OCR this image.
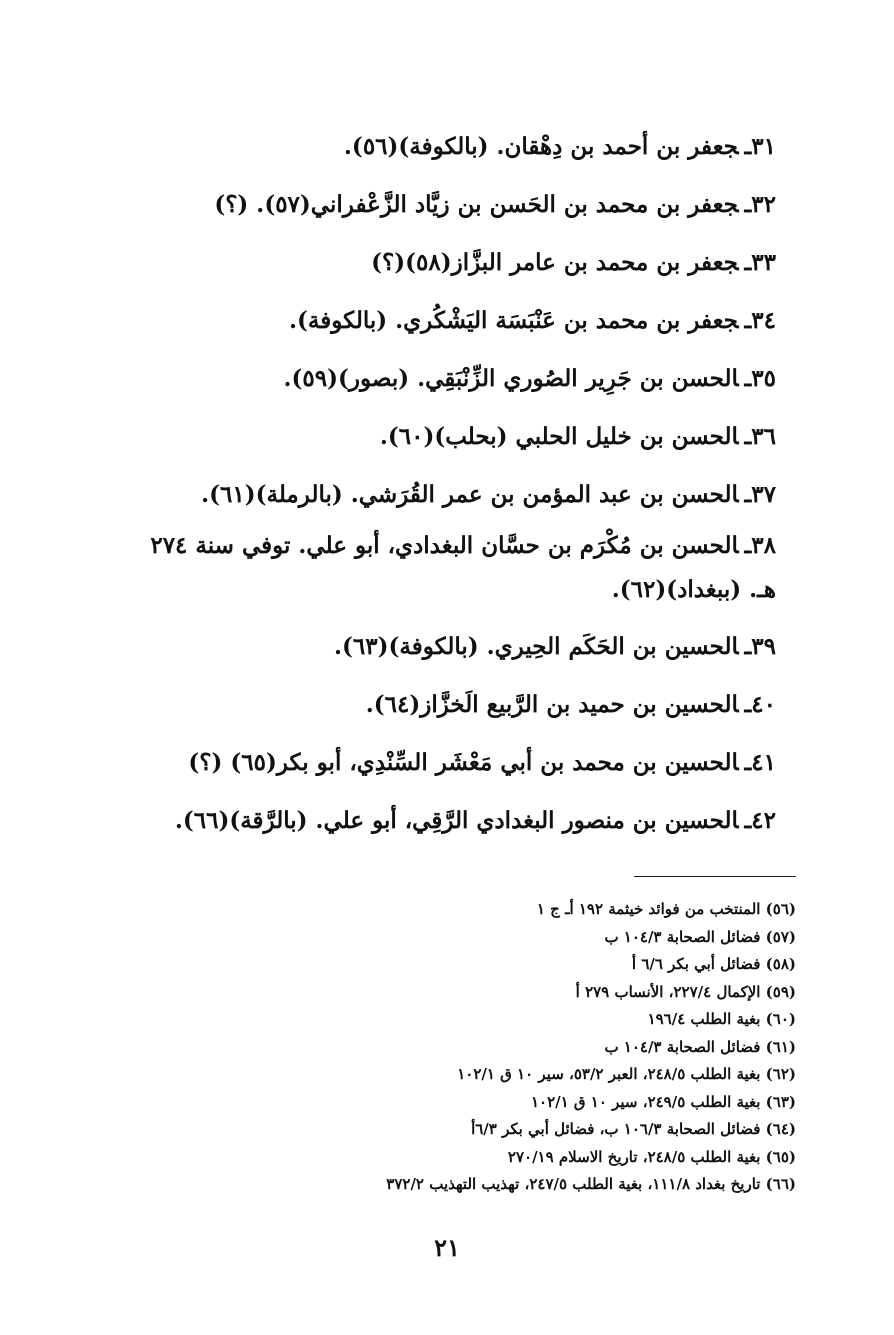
٣١ـجعفر بن أحمد بن دِهْقان. (بالكوفة)(٥٦).
٣٢ـجعفر بن محمد بن الحَسن بن زيَّاد الزَّعْفراني(٥٧). (؟)
٣٣ـجعفر بن محمد بن عامر البزَّاز(٥٨)(؟)
٣٤ـجعفر بن محمد بن عَنْبَسَة اليَشْكُري. (بالكوفة).
٣٥ـالحسن بن جَرِير الصُوري الزِّنْبَقِي. (بصور)(٥٩).
٣٦ـالحسن بن خليل الحلبي (بحلب)(٦٠).
٣٧ـالحسن بن عبد المؤمن بن عمر القُرَشي. (بالرملة)(٦١).
٣٨ـالحسن بن مُكْرَم بن حسَّان البغدادي، أبو علي. توفي سنة ٢٧٤ هـ. (ببغداد)(٦٢).
٣٩ـالحسين بن الحَكَم الحِيري. (بالكوفة)(٦٣).
٤٠ـالحسين بن حميد بن الرَّبيع الَخزَّاز(٦٤).
٤١ـالحسين بن محمد بن أبي مَعْشَر السِّنْدِي، أبو بكر(٦٥) (؟)
٤٢ـالحسين بن منصور البغدادي الرَّقِي، أبو علي. (بالرَّقة)(٦٦).
(٥٦) المنتخب من فوائد خيثمة ١٩٢ أـ ج ١
(٥٧) فضائل الصحابة ١٠٤/٣ ب
(٥٨) فضائل أبي بكر ٦/٦ أ
(٥٩) الإكمال ٢٢٧/٤، الأنساب ٢٧٩ أ
(٦٠) بغية الطلب ١٩٦/٤
(٦١) فضائل الصحابة ١٠٤/٣ ب
(٦٢) بغية الطلب ٢٤٨/٥، العبر ٥٣/٢، سير ١٠ ق ١٠٢/١
(٦٣) بغية الطلب ٢٤٩/٥، سير ١٠ ق ١٠٢/١
(٦٤) فضائل الصحابة ١٠٦/٣ ب، فضائل أبي بكر ٦/٣أ
(٦٥) بغية الطلب ٢٤٨/٥، تاريخ الاسلام ٢٧٠/١٩
(٦٦) تاريخ بغداد ١١١/٨، بغية الطلب ٢٤٧/٥، تهذيب التهذيب ٣٧٢/٢
٢١
